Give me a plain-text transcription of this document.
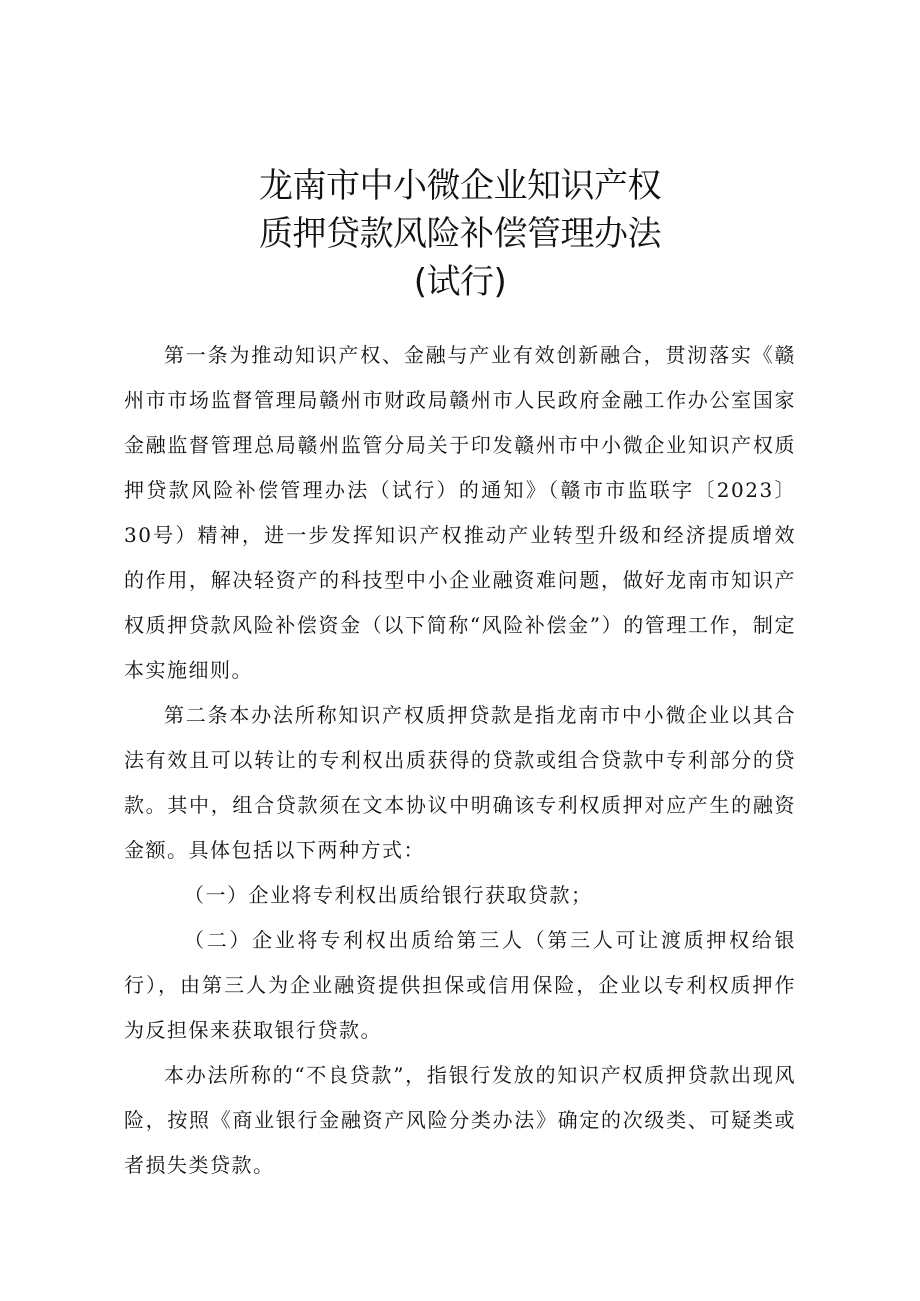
龙南市中小微企业知识产权
质押贷款风险补偿管理办法
(试行)

第一条为推动知识产权、金融与产业有效创新融合，贯沏落实《赣州市市场监督管理局赣州市财政局赣州市人民政府金融工作办公室国家金融监督管理总局赣州监管分局关于印发赣州市中小微企业知识产权质押贷款风险补偿管理办法（试行）的通知》（赣市市监联字〔2023〕30号）精神，进一步发挥知识产权推动产业转型升级和经济提质增效的作用，解决轻资产的科技型中小企业融资难问题，做好龙南市知识产权质押贷款风险补偿资金（以下简称“风险补偿金”）的管理工作，制定本实施细则。

第二条本办法所称知识产权质押贷款是指龙南市中小微企业以其合法有效且可以转让的专利权出质获得的贷款或组合贷款中专利部分的贷款。其中，组合贷款须在文本协议中明确该专利权质押对应产生的融资金额。具体包括以下两种方式：

（一）企业将专利权出质给银行获取贷款；

（二）企业将专利权出质给第三人（第三人可让渡质押权给银行），由第三人为企业融资提供担保或信用保险，企业以专利权质押作为反担保来获取银行贷款。

本办法所称的“不良贷款”，指银行发放的知识产权质押贷款出现风险，按照《商业银行金融资产风险分类办法》确定的次级类、可疑类或者损失类贷款。
